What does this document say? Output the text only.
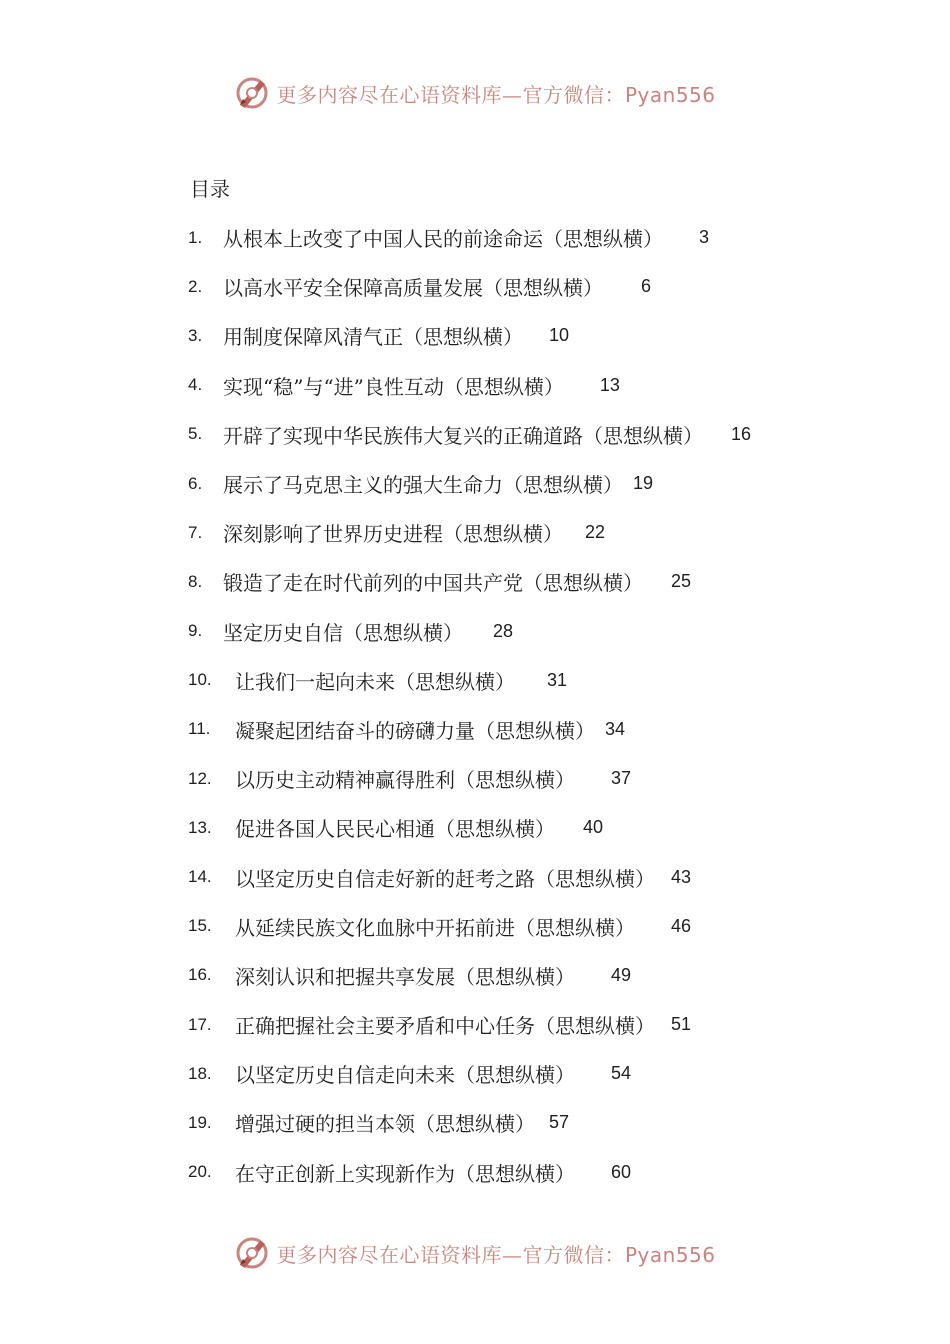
更多内容尽在心语资料库—官方微信：Pyan556
目录
1.	从根本上改变了中国人民的前途命运（思想纵横） 3
2.	以高水平安全保障高质量发展（思想纵横） 6
3.	用制度保障风清气正（思想纵横） 10
4.	实现“稳”与“进”良性互动（思想纵横） 13
5.	开辟了实现中华民族伟大复兴的正确道路（思想纵横） 16
6.	展示了马克思主义的强大生命力（思想纵横） 19
7.	深刻影响了世界历史进程（思想纵横） 22
8.	锻造了走在时代前列的中国共产党（思想纵横） 25
9.	坚定历史自信（思想纵横） 28
10.	让我们一起向未来（思想纵横） 31
11.	凝聚起团结奋斗的磅礴力量（思想纵横） 34
12.	以历史主动精神赢得胜利（思想纵横） 37
13.	促进各国人民民心相通（思想纵横） 40
14.	以坚定历史自信走好新的赶考之路（思想纵横） 43
15.	从延续民族文化血脉中开拓前进（思想纵横） 46
16.	深刻认识和把握共享发展（思想纵横） 49
17.	正确把握社会主要矛盾和中心任务（思想纵横） 51
18.	以坚定历史自信走向未来（思想纵横） 54
19.	增强过硬的担当本领（思想纵横） 57
20.	在守正创新上实现新作为（思想纵横） 60
更多内容尽在心语资料库—官方微信：Pyan556
